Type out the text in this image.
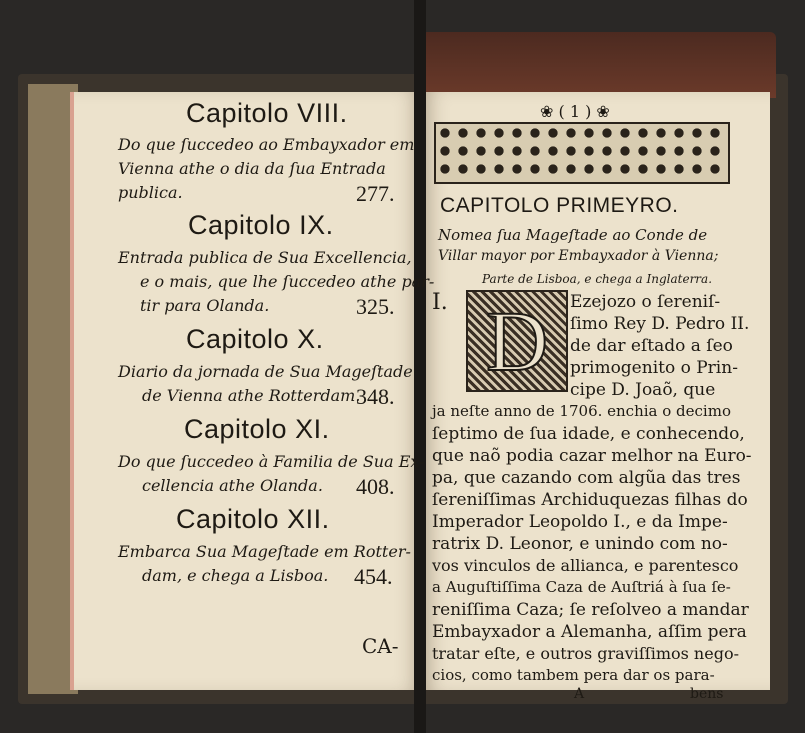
Capitolo VIII.
Do que ſuccedeo ao Embayxador em
Vienna athe o dia da ſua Entrada
publica.	277.
Capitolo IX.
Entrada publica de Sua Excellencia,
e o mais, que lhe ſuccedeo athe par-
tir para Olanda.	325.
Capitolo X.
Diario da jornada de Sua Mageſtade
de Vienna athe Rotterdam.
348.
Capitolo XI.
Do que ſuccedeo à Familia de Sua Ex-
cellencia athe Olanda. 408.
Capitolo XII.
Embarca Sua Mageſtade em Rotter-
dam, e chega a Lisboa. 454.
CA-
❀ ( 1 ) ❀
CAPITOLO PRIMEYRO.
Nomea ſua Mageſtade ao Conde de
Villar mayor por Embayxador à Vienna;
Parte de Lisboa, e chega a Inglaterra.
I. D Ezejozo o ſereniſ-
ſimo Rey D. Pedro II.
de dar eſtado a ſeo
primogenito o Prin-
cipe D. Joaõ, que
ja neſte anno de 1706. enchia o decimo
ſeptimo de ſua idade, e conhecendo,
que naõ podia cazar melhor na Euro-
pa, que cazando com algũa das tres
ſereniſſimas Archiduquezas filhas do
Imperador Leopoldo I., e da Impe-
ratrix D. Leonor, e unindo com no-
vos vinculos de allianca, e parentesco
a Auguſtiſſima Caza de Auſtriá à ſua ſe-
reniſſima Caza; ſe reſolveo a mandar
Embayxador a Alemanha, aſſim pera
tratar eſte, e outros graviſſimos nego-
cios, como tambem pera dar os para-
A	bens
